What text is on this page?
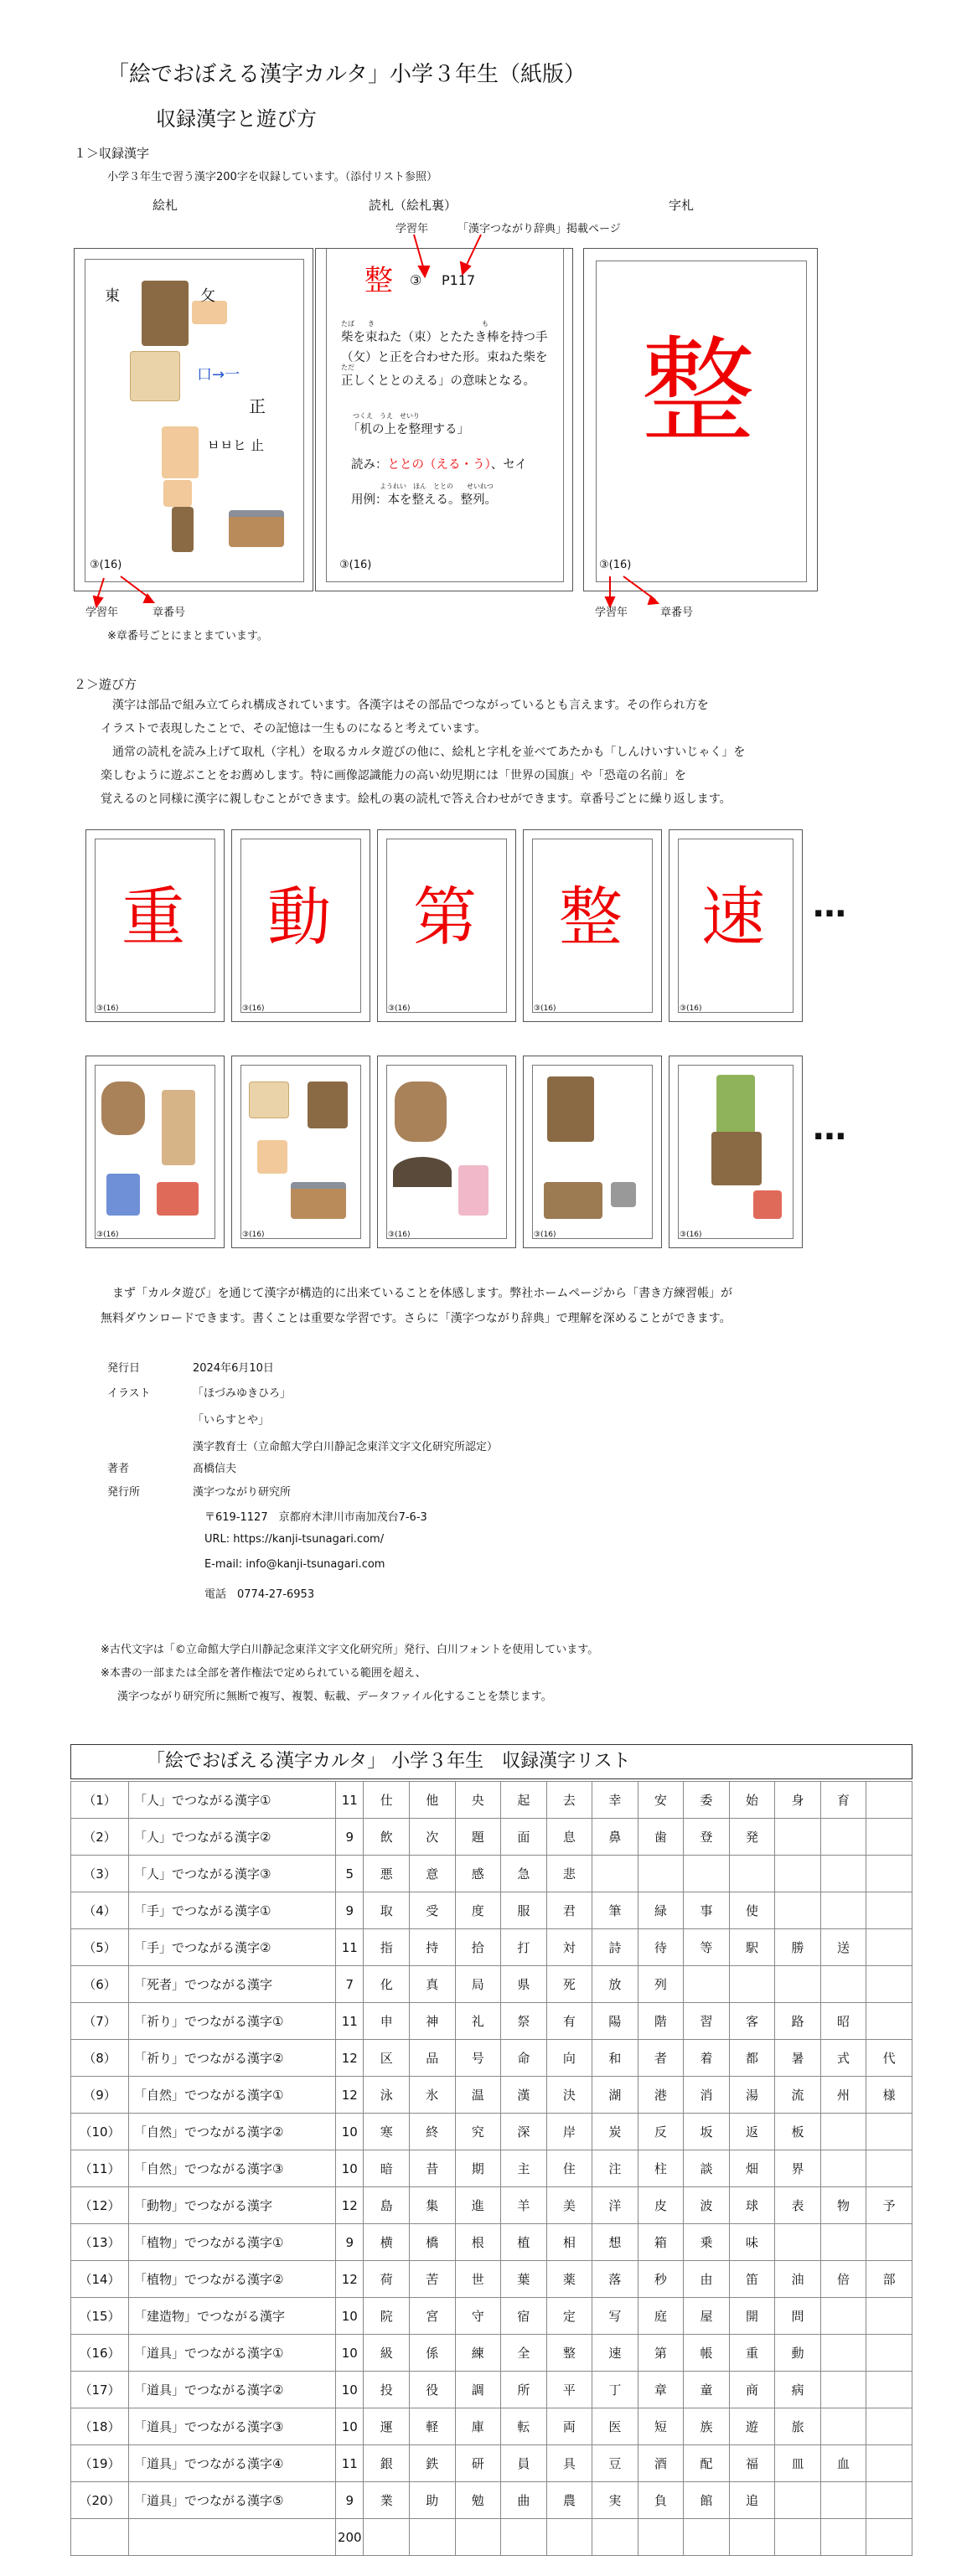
「絵でおぼえる漢字カルタ」小学３年生（紙版）
収録漢字と遊び方
１＞収録漢字
小学３年生で習う漢字200字を収録しています。（添付リスト参照）
絵札	読札（絵札裏）	字札
学習年	「漢字つながり辞典」掲載ページ
東	攵
口→一
正
ㅂㅂヒ 止
③(16)
整 ③ P117
たば　　き　　　　　　　　　　　　　　　　も
柴を束ねた（束）とたたき棒を持つ手
（攵）と正を合わせた形。束ねた柴を
ただ
正しくととのえる」の意味となる。
つくえ　うえ　せいり
「机の上を整理する」
読み：ととの（える・う）、セイ
ようれい　ほん　ととの　　せいれつ
用例：本を整える。整列。
③(16)
整
③(16)
学習年	章番号	学習年	章番号
※章番号ごとにまとまています。
２＞遊び方
漢字は部品で組み立てられ構成されています。各漢字はその部品でつながっているとも言えます。その作られ方を
イラストで表現したことで、その記憶は一生ものになると考えています。
通常の読札を読み上げて取札（字札）を取るカルタ遊びの他に、絵札と字札を並べてあたかも「しんけいすいじゃく」を
楽しむように遊ぶことをお薦めします。特に画像認識能力の高い幼児期には「世界の国旗」や「恐竜の名前」を
覚えるのと同様に漢字に親しむことができます。絵札の裏の読札で答え合わせができます。章番号ごとに繰り返します。
重
③(16)
動
③(16)
第
③(16)
整
③(16)
速
③(16)
…
③(16)	③(16)	③(16)	③(16)	③(16)
…
まず「カルタ遊び」を通じて漢字が構造的に出来ていることを体感します。弊社ホームページから「書き方練習帳」が
無料ダウンロードできます。書くことは重要な学習です。さらに「漢字つながり辞典」で理解を深めることができます。
発行日	2024年6月10日
イラスト	「ほづみゆきひろ」
「いらすとや」
漢字教育士（立命館大学白川静記念東洋文字文化研究所認定）
著者	髙橋信夫
発行所	漢字つながり研究所
〒619-1127　京都府木津川市南加茂台7-6-3
URL: https://kanji-tsunagari.com/
E-mail: info@kanji-tsunagari.com
電話　0774-27-6953
※古代文字は「©立命館大学白川静記念東洋文字文化研究所」発行、白川フォントを使用しています。
※本書の一部または全部を著作権法で定められている範囲を超え、
漢字つながり研究所に無断で複写、複製、転載、データファイル化することを禁じます。
「絵でおぼえる漢字カルタ」 小学３年生　収録漢字リスト
（1）	「人」でつながる漢字①	11	仕	他	央	起	去	幸	安	委	始	身	育	
（2）	「人」でつながる漢字②	9	飲	次	題	面	息	鼻	歯	登	発			
（3）	「人」でつながる漢字③	5	悪	意	感	急	悲							
（4）	「手」でつながる漢字①	9	取	受	度	服	君	筆	緑	事	使			
（5）	「手」でつながる漢字②	11	指	持	拾	打	対	詩	待	等	駅	勝	送	
（6）	「死者」でつながる漢字	7	化	真	局	県	死	放	列					
（7）	「祈り」でつながる漢字①	11	申	神	礼	祭	有	陽	階	習	客	路	昭	
（8）	「祈り」でつながる漢字②	12	区	品	号	命	向	和	者	着	都	暑	式	代
（9）	「自然」でつながる漢字①	12	泳	氷	温	漢	決	湖	港	消	湯	流	州	様
（10）	「自然」でつながる漢字②	10	寒	終	究	深	岸	炭	反	坂	返	板		
（11）	「自然」でつながる漢字③	10	暗	昔	期	主	住	注	柱	談	畑	界		
（12）	「動物」でつながる漢字	12	島	集	進	羊	美	洋	皮	波	球	表	物	予
（13）	「植物」でつながる漢字①	9	横	橋	根	植	相	想	箱	乗	味			
（14）	「植物」でつながる漢字②	12	荷	苦	世	葉	薬	落	秒	由	笛	油	倍	部
（15）	「建造物」でつながる漢字	10	院	宮	守	宿	定	写	庭	屋	開	問		
（16）	「道具」でつながる漢字①	10	級	係	練	全	整	速	第	帳	重	動		
（17）	「道具」でつながる漢字②	10	投	役	調	所	平	丁	章	童	商	病		
（18）	「道具」でつながる漢字③	10	運	軽	庫	転	両	医	短	族	遊	旅		
（19）	「道具」でつながる漢字④	11	銀	鉄	研	員	具	豆	酒	配	福	皿	血	
（20）	「道具」でつながる漢字⑤	9	業	助	勉	曲	農	実	負	館	追			
		200												
